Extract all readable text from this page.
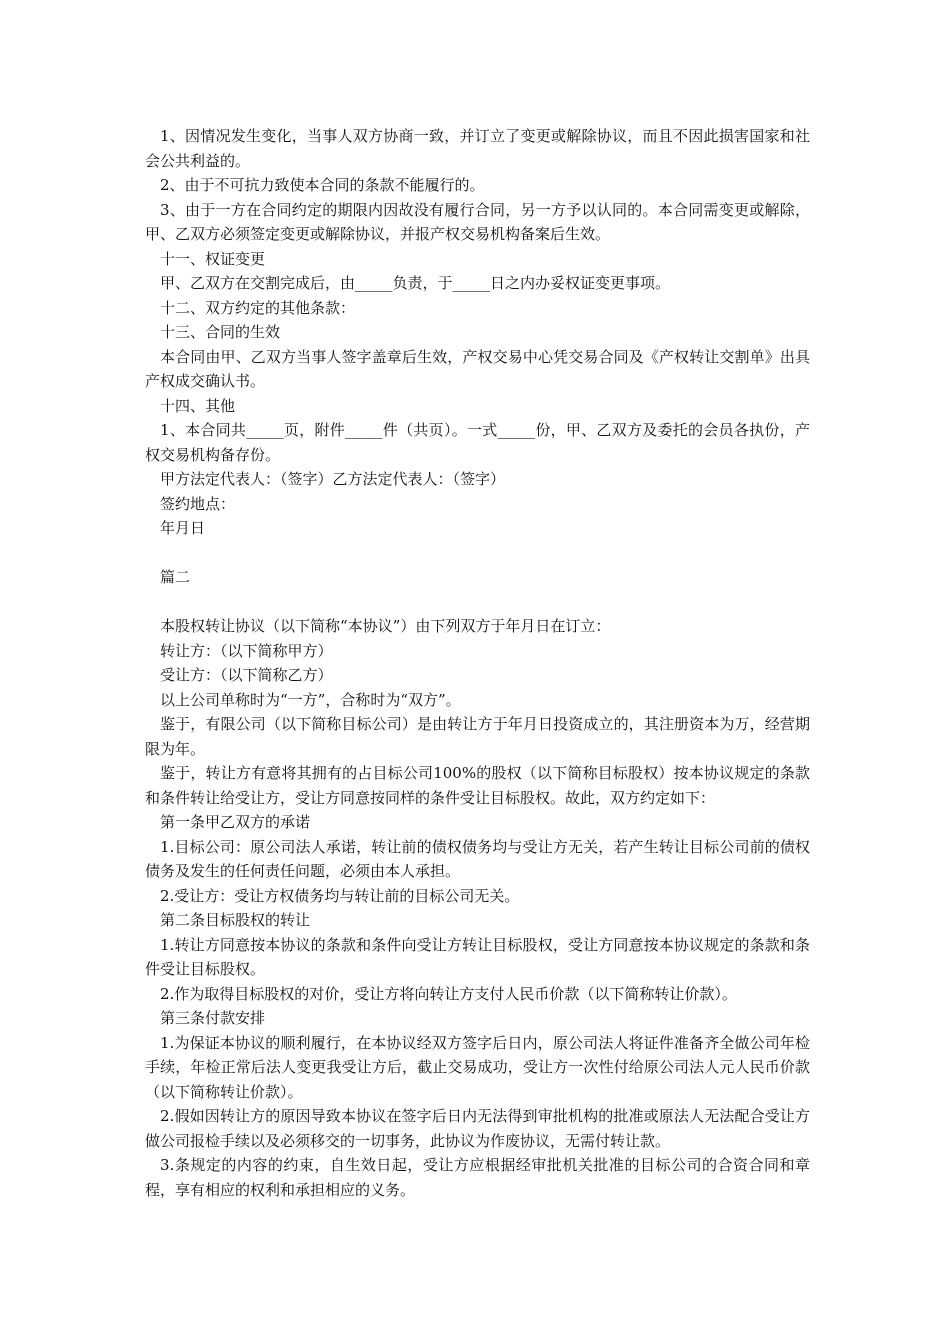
1、因情况发生变化，当事人双方协商一致，并订立了变更或解除协议，而且不因此损害国家和社会公共利益的。

2、由于不可抗力致使本合同的条款不能履行的。

3、由于一方在合同约定的期限内因故没有履行合同，另一方予以认同的。本合同需变更或解除，甲、乙双方必须签定变更或解除协议，并报产权交易机构备案后生效。

十一、权证变更

甲、乙双方在交割完成后，由_____负责，于_____日之内办妥权证变更事项。

十二、双方约定的其他条款：

十三、合同的生效

本合同由甲、乙双方当事人签字盖章后生效，产权交易中心凭交易合同及《产权转让交割单》出具产权成交确认书。

十四、其他

1、本合同共_____页，附件_____件（共页）。一式_____份，甲、乙双方及委托的会员各执份，产权交易机构备存份。

甲方法定代表人：（签字）乙方法定代表人：（签字）

签约地点：

年月日

篇二

本股权转让协议（以下简称“本协议”）由下列双方于年月日在订立：

转让方：（以下简称甲方）

受让方：（以下简称乙方）

以上公司单称时为“一方”，合称时为“双方”。

鉴于，有限公司（以下简称目标公司）是由转让方于年月日投资成立的，其注册资本为万，经营期限为年。

鉴于，转让方有意将其拥有的占目标公司100%的股权（以下简称目标股权）按本协议规定的条款和条件转让给受让方，受让方同意按同样的条件受让目标股权。故此，双方约定如下：

第一条甲乙双方的承诺

1.目标公司：原公司法人承诺，转让前的债权债务均与受让方无关，若产生转让目标公司前的债权债务及发生的任何责任问题，必须由本人承担。

2.受让方：受让方权债务均与转让前的目标公司无关。

第二条目标股权的转让

1.转让方同意按本协议的条款和条件向受让方转让目标股权，受让方同意按本协议规定的条款和条件受让目标股权。

2.作为取得目标股权的对价，受让方将向转让方支付人民币价款（以下简称转让价款）。

第三条付款安排

1.为保证本协议的顺利履行，在本协议经双方签字后日内，原公司法人将证件准备齐全做公司年检手续，年检正常后法人变更我受让方后，截止交易成功，受让方一次性付给原公司法人元人民币价款（以下简称转让价款）。

2.假如因转让方的原因导致本协议在签字后日内无法得到审批机构的批准或原法人无法配合受让方做公司报检手续以及必须移交的一切事务，此协议为作废协议，无需付转让款。

3.条规定的内容的约束，自生效日起，受让方应根据经审批机关批准的目标公司的合资合同和章程，享有相应的权利和承担相应的义务。
